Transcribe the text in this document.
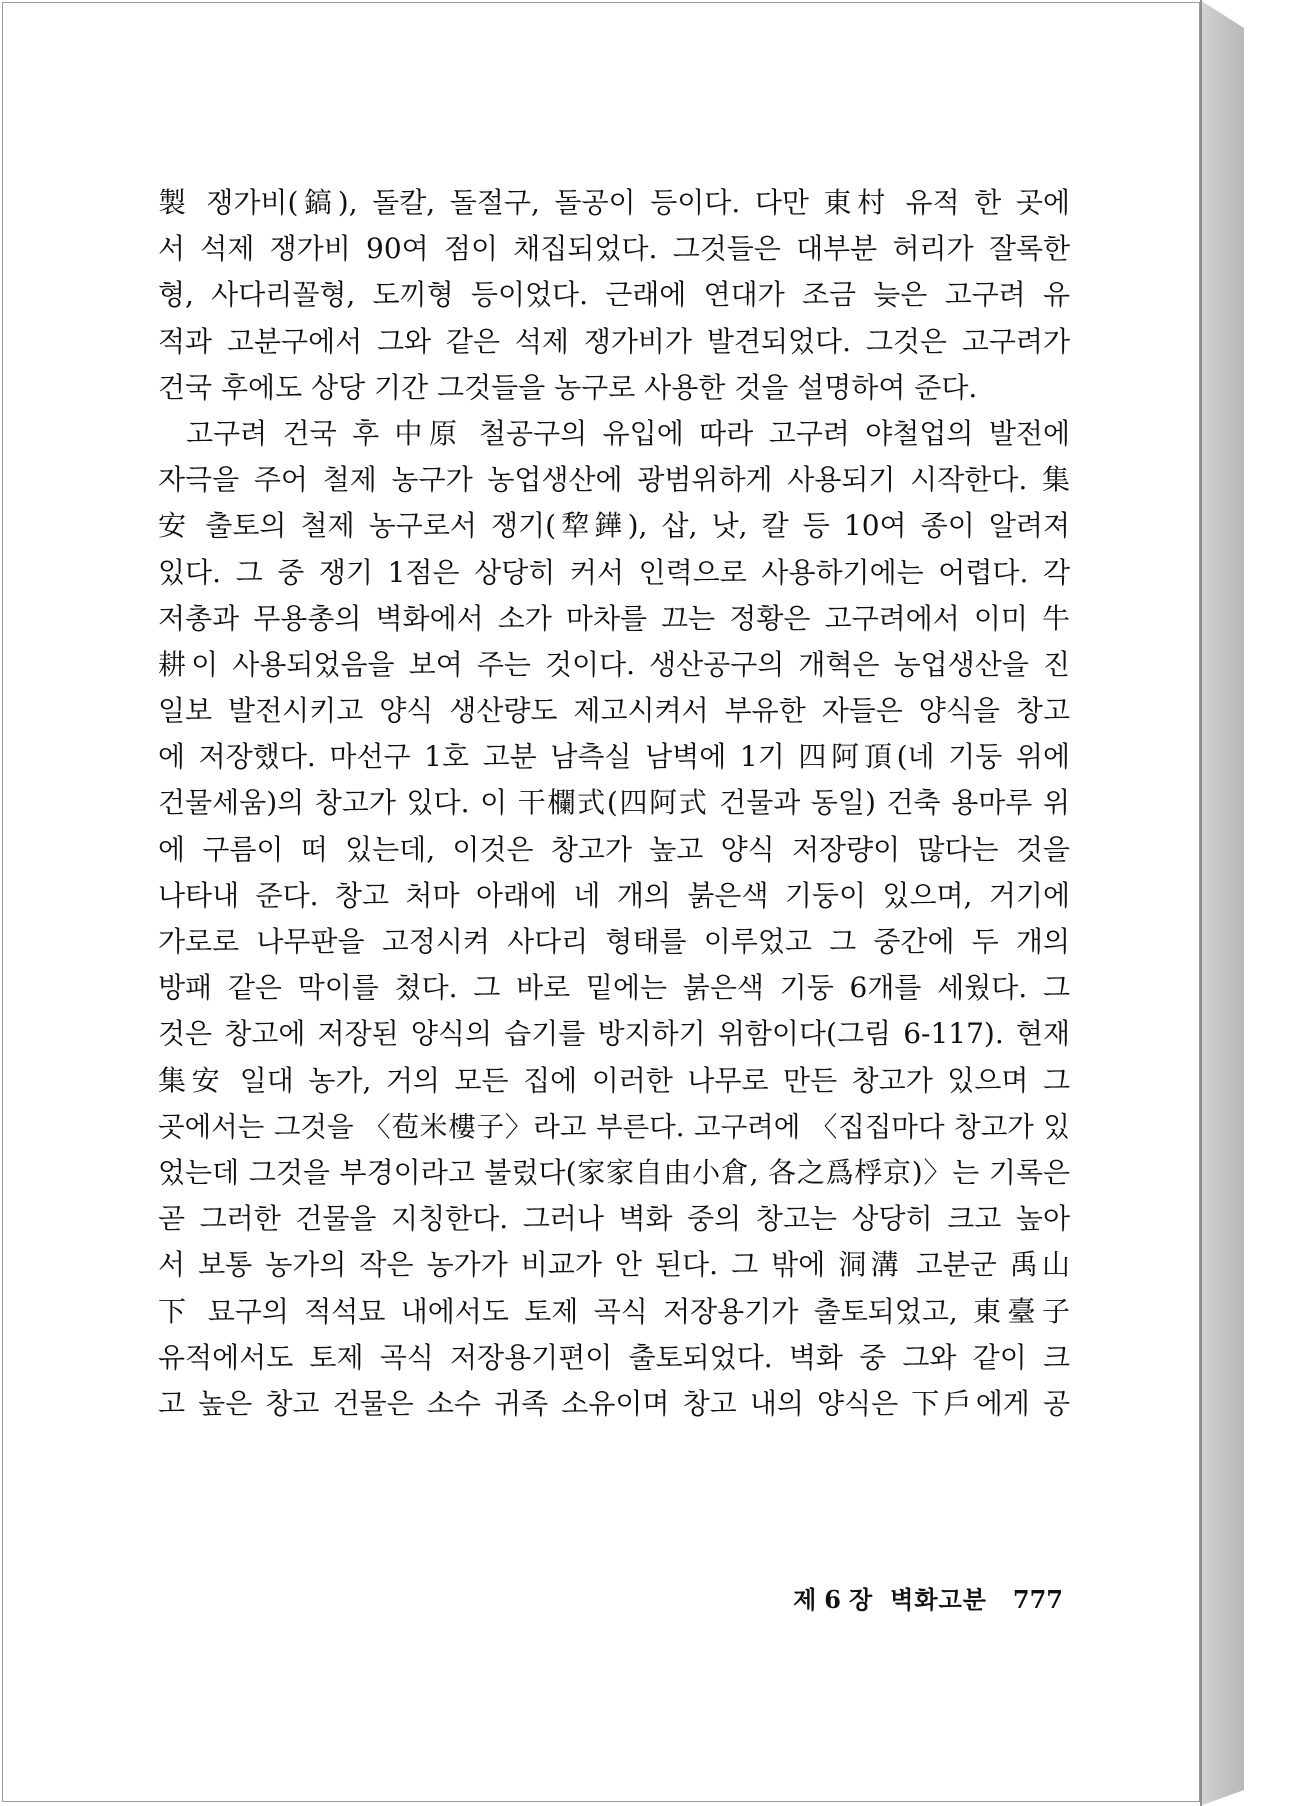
製 쟁가비(鎬), 돌칼, 돌절구, 돌공이 등이다. 다만 東村 유적 한 곳에
서 석제 쟁가비 90여 점이 채집되었다. 그것들은 대부분 허리가 잘록한
형, 사다리꼴형, 도끼형 등이었다. 근래에 연대가 조금 늦은 고구려 유
적과 고분구에서 그와 같은 석제 쟁가비가 발견되었다. 그것은 고구려가
건국 후에도 상당 기간 그것들을 농구로 사용한 것을 설명하여 준다.
고구려 건국 후 中原 철공구의 유입에 따라 고구려 야철업의 발전에
자극을 주어 철제 농구가 농업생산에 광범위하게 사용되기 시작한다. 集
安 출토의 철제 농구로서 쟁기(犂鏵), 삽, 낫, 칼 등 10여 종이 알려져
있다. 그 중 쟁기 1점은 상당히 커서 인력으로 사용하기에는 어렵다. 각
저총과 무용총의 벽화에서 소가 마차를 끄는 정황은 고구려에서 이미 牛
耕이 사용되었음을 보여 주는 것이다. 생산공구의 개혁은 농업생산을 진
일보 발전시키고 양식 생산량도 제고시켜서 부유한 자들은 양식을 창고
에 저장했다. 마선구 1호 고분 남측실 남벽에 1기 四阿頂(네 기둥 위에
건물세움)의 창고가 있다. 이 干欄式(四阿式 건물과 동일) 건축 용마루 위
에 구름이 떠 있는데, 이것은 창고가 높고 양식 저장량이 많다는 것을
나타내 준다. 창고 처마 아래에 네 개의 붉은색 기둥이 있으며, 거기에
가로로 나무판을 고정시켜 사다리 형태를 이루었고 그 중간에 두 개의
방패 같은 막이를 쳤다. 그 바로 밑에는 붉은색 기둥 6개를 세웠다. 그
것은 창고에 저장된 양식의 습기를 방지하기 위함이다(그림 6-117). 현재
集安 일대 농가, 거의 모든 집에 이러한 나무로 만든 창고가 있으며 그
곳에서는 그것을 〈苞米樓子〉라고 부른다. 고구려에 〈집집마다 창고가 있
었는데 그것을 부경이라고 불렀다(家家自由小倉, 各之爲桴京)〉는 기록은
곧 그러한 건물을 지칭한다. 그러나 벽화 중의 창고는 상당히 크고 높아
서 보통 농가의 작은 농가가 비교가 안 된다. 그 밖에 洞溝 고분군 禹山
下 묘구의 적석묘 내에서도 토제 곡식 저장용기가 출토되었고, 東臺子
유적에서도 토제 곡식 저장용기편이 출토되었다. 벽화 중 그와 같이 크
고 높은 창고 건물은 소수 귀족 소유이며 창고 내의 양식은 下戶에게 공
제 6 장 벽화고분 777
